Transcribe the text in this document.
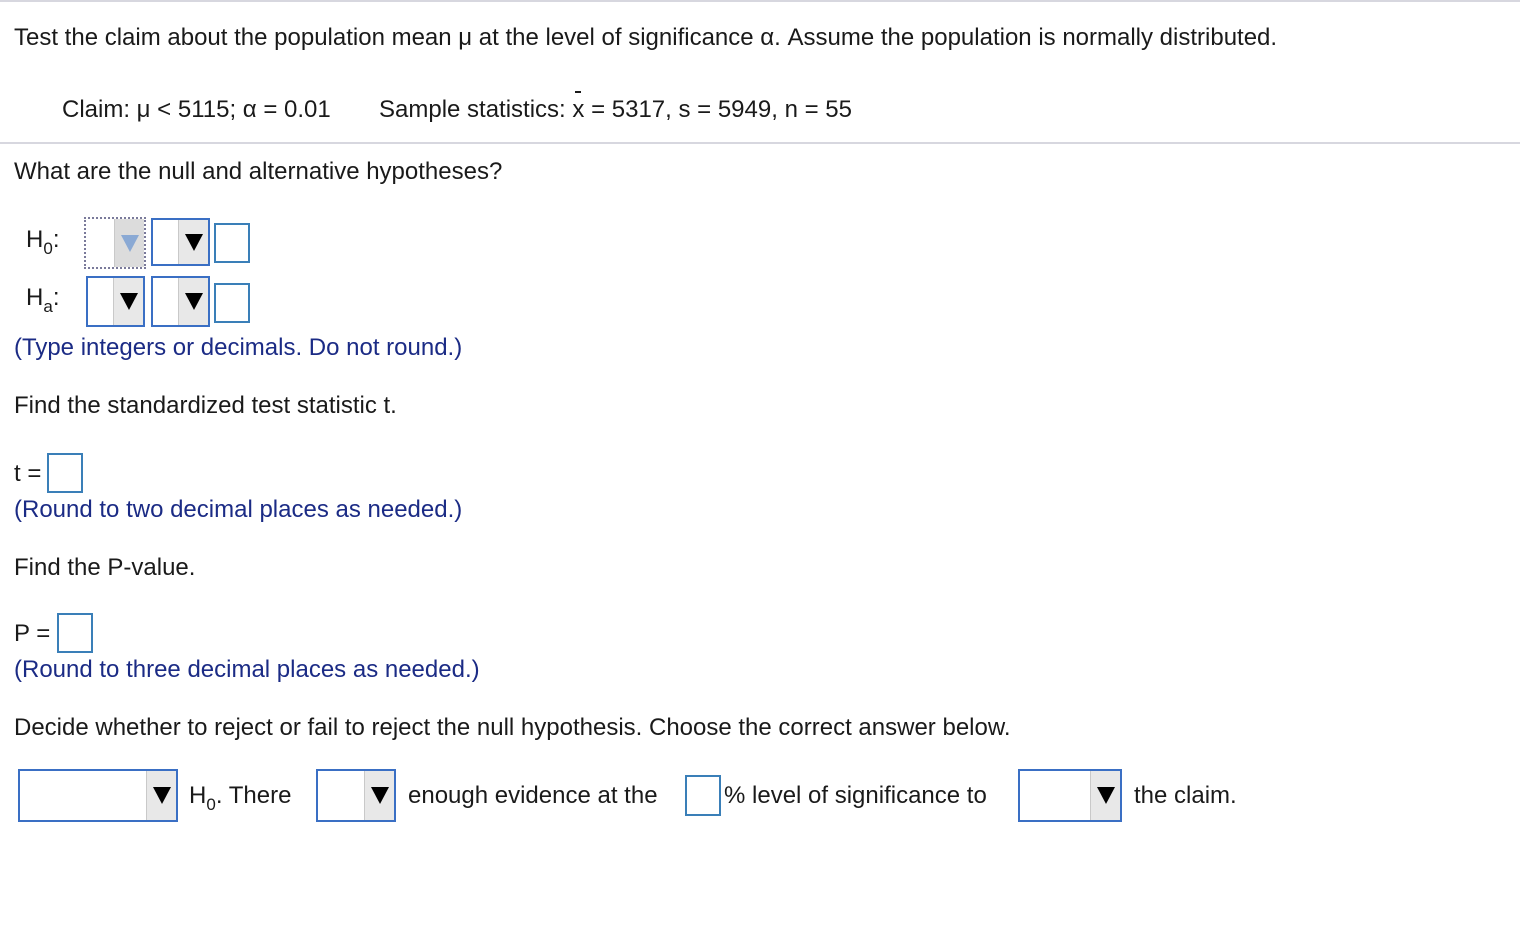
Test the claim about the population mean μ at the level of significance α. Assume the population is normally distributed.
Claim: μ < 5115; α = 0.01 Sample statistics: x = 5317, s = 5949, n = 55
What are the null and alternative hypotheses?
$H_0$:
$H_a$:
(Type integers or decimals. Do not round.)
Find the standardized test statistic t.
t =
(Round to two decimal places as needed.)
Find the P-value.
P =
(Round to three decimal places as needed.)
Decide whether to reject or fail to reject the null hypothesis. Choose the correct answer below.
$H_0$. There	enough evidence at the	% level of significance to	the claim.
